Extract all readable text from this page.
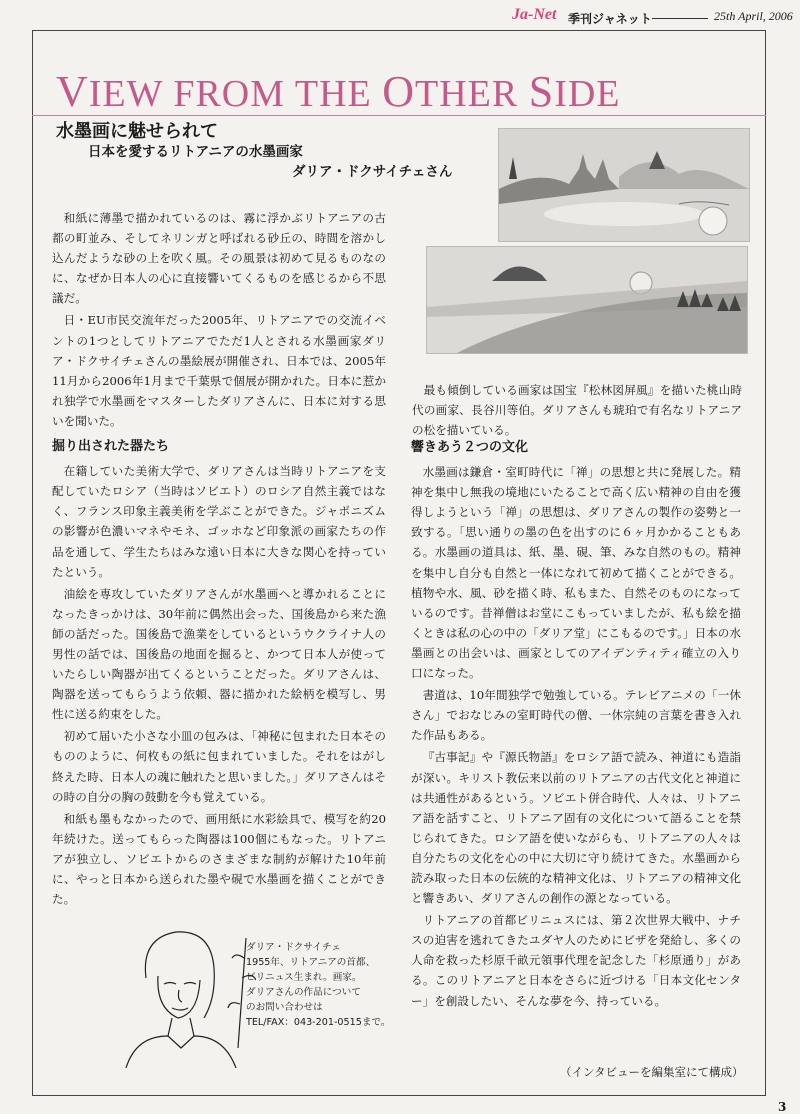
Ja-Net 季刊ジャネット	25th April, 2006
VIEW FROM THE OTHER SIDE
水墨画に魅せられて
日本を愛するリトアニアの水墨画家
ダリア・ドクサイチェさん

和紙に薄墨で描かれているのは、霧に浮かぶリトアニアの古都の町並み、そしてネリンガと呼ばれる砂丘の、時間を溶かし込んだような砂の上を吹く風。その風景は初めて見るものなのに、なぜか日本人の心に直接響いてくるものを感じるから不思議だ。

日・EU市民交流年だった2005年、リトアニアでの交流イベントの1つとしてリトアニアでただ1人とされる水墨画家ダリア・ドクサイチェさんの墨絵展が開催され、日本では、2005年11月から2006年1月まで千葉県で個展が開かれた。日本に惹かれ独学で水墨画をマスターしたダリアさんに、日本に対する思いを聞いた。

掘り出された器たち

在籍していた美術大学で、ダリアさんは当時リトアニアを支配していたロシア（当時はソビエト）のロシア自然主義ではなく、フランス印象主義美術を学ぶことができた。ジャポニズムの影響が色濃いマネやモネ、ゴッホなど印象派の画家たちの作品を通して、学生たちはみな遠い日本に大きな関心を持っていたという。

油絵を専攻していたダリアさんが水墨画へと導かれることになったきっかけは、30年前に偶然出会った、国後島から来た漁師の話だった。国後島で漁業をしているというウクライナ人の男性の話では、国後島の地面を掘ると、かつて日本人が使っていたらしい陶器が出てくるということだった。ダリアさんは、陶器を送ってもらうよう依頼、器に描かれた絵柄を模写し、男性に送る約束をした。

初めて届いた小さな小皿の包みは、「神秘に包まれた日本そのもののように、何枚もの紙に包まれていました。それをはがし終えた時、日本人の魂に触れたと思いました。」ダリアさんはその時の自分の胸の鼓動を今も覚えている。

和紙も墨もなかったので、画用紙に水彩絵具で、模写を約20年続けた。送ってもらった陶器は100個にもなった。リトアニアが独立し、ソビエトからのさまざまな制約が解けた10年前に、やっと日本から送られた墨や硯で水墨画を描くことができた。

最も傾倒している画家は国宝『松林図屏風』を描いた桃山時代の画家、長谷川等伯。ダリアさんも琥珀で有名なリトアニアの松を描いている。
響きあう２つの文化

水墨画は鎌倉・室町時代に「禅」の思想と共に発展した。精神を集中し無我の境地にいたることで高く広い精神の自由を獲得しようという「禅」の思想は、ダリアさんの製作の姿勢と一致する。「思い通りの墨の色を出すのに６ヶ月かかることもある。水墨画の道具は、紙、墨、硯、筆、みな自然のもの。精神を集中し自分も自然と一体になれて初めて描くことができる。植物や水、風、砂を描く時、私もまた、自然そのものになっているのです。昔禅僧はお堂にこもっていましたが、私も絵を描くときは私の心の中の「ダリア堂」にこもるのです。」日本の水墨画との出会いは、画家としてのアイデンティティ確立の入り口になった。

書道は、10年間独学で勉強している。テレビアニメの「一休さん」でおなじみの室町時代の僧、一休宗純の言葉を書き入れた作品もある。

『古事記』や『源氏物語』をロシア語で読み、神道にも造詣が深い。キリスト教伝来以前のリトアニアの古代文化と神道には共通性があるという。ソビエト併合時代、人々は、リトアニア語を話すこと、リトアニア固有の文化について語ることを禁じられてきた。ロシア語を使いながらも、リトアニアの人々は自分たちの文化を心の中に大切に守り続けてきた。水墨画から読み取った日本の伝統的な精神文化は、リトアニアの精神文化と響きあい、ダリアさんの創作の源となっている。

リトアニアの首都ビリニュスには、第２次世界大戦中、ナチスの迫害を逃れてきたユダヤ人のためにビザを発給し、多くの人命を救った杉原千畝元領事代理を記念した「杉原通り」がある。このリトアニアと日本をさらに近づける「日本文化センター」を創設したい、そんな夢を今、持っている。

（インタビューを編集室にて構成）
ダリア・ドクサイチェ
1955年、リトアニアの首都、
ビリニュス生まれ。画家。
ダリアさんの作品について
のお問い合わせは
TEL/FAX：043-201-0515まで。
3
